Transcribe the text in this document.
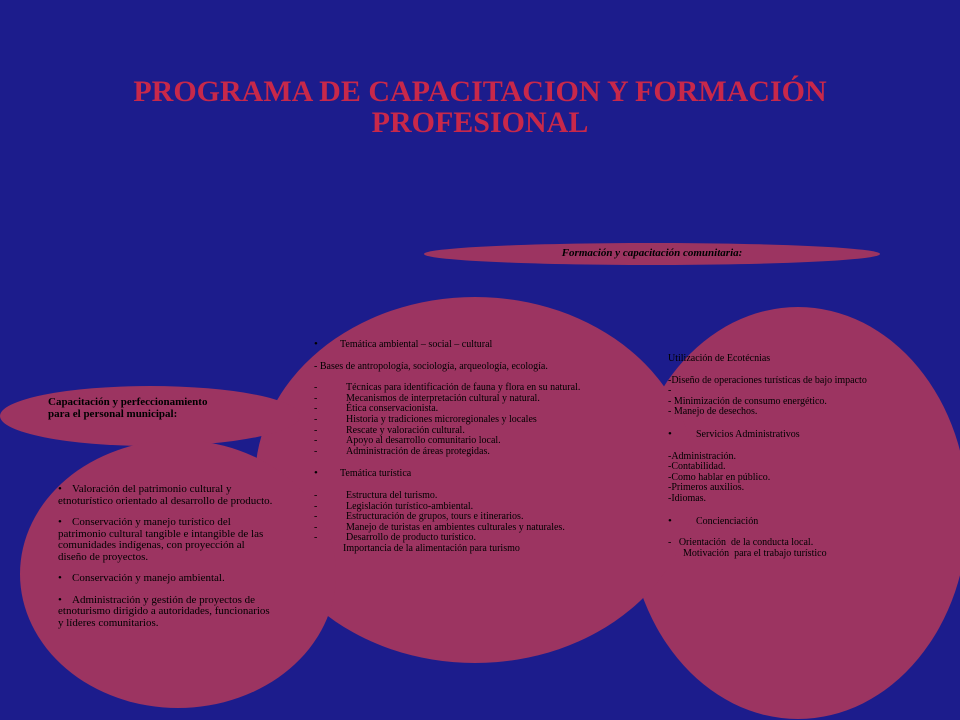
PROGRAMA DE CAPACITACION Y FORMACIÓN
PROFESIONAL
Formación y capacitación comunitaria:
Capacitación y perfeccionamiento para el personal municipal:

• Valoración del patrimonio cultural y etnoturístico orientado al desarrollo de producto.

• Conservación y manejo turístico del patrimonio cultural tangible e intangible de las comunidades indígenas, con proyección al diseño de proyectos.

• Conservación y manejo ambiental.

• Administración y gestión de proyectos de etnoturismo dirigido a autoridades, funcionarios y líderes comunitarios.

• Temática ambiental – social – cultural

- Bases de antropología, sociología, arqueología, ecología.

-	Técnicas para identificación de fauna y flora en su natural.

-	Mecanismos de interpretación cultural y natural.

-	Ética conservacionista.

-	Historia y tradiciones microregionales y locales

-	Rescate y valoración cultural.

-	Apoyo al desarrollo comunitario local.

-	Administración de áreas protegidas.

• Temática turística

-	Estructura del turismo.

-	Legislación turístico-ambiental.

-	Estructuración de grupos, tours e itinerarios.

-	Manejo de turistas en ambientes culturales y naturales.

-	Desarrollo de producto turístico.

Importancia de la alimentación para turismo

Utilización de Ecotécnias

-Diseño de operaciones turísticas de bajo impacto

-

- Minimización de consumo energético.

- Manejo de desechos.

• Servicios Administrativos

-Administración.

-Contabilidad.

-Como hablar en público.

-Primeros auxilios.

-Idiomas.

• Concienciación

-   Orientación  de la conducta local.

Motivación  para el trabajo turístico
